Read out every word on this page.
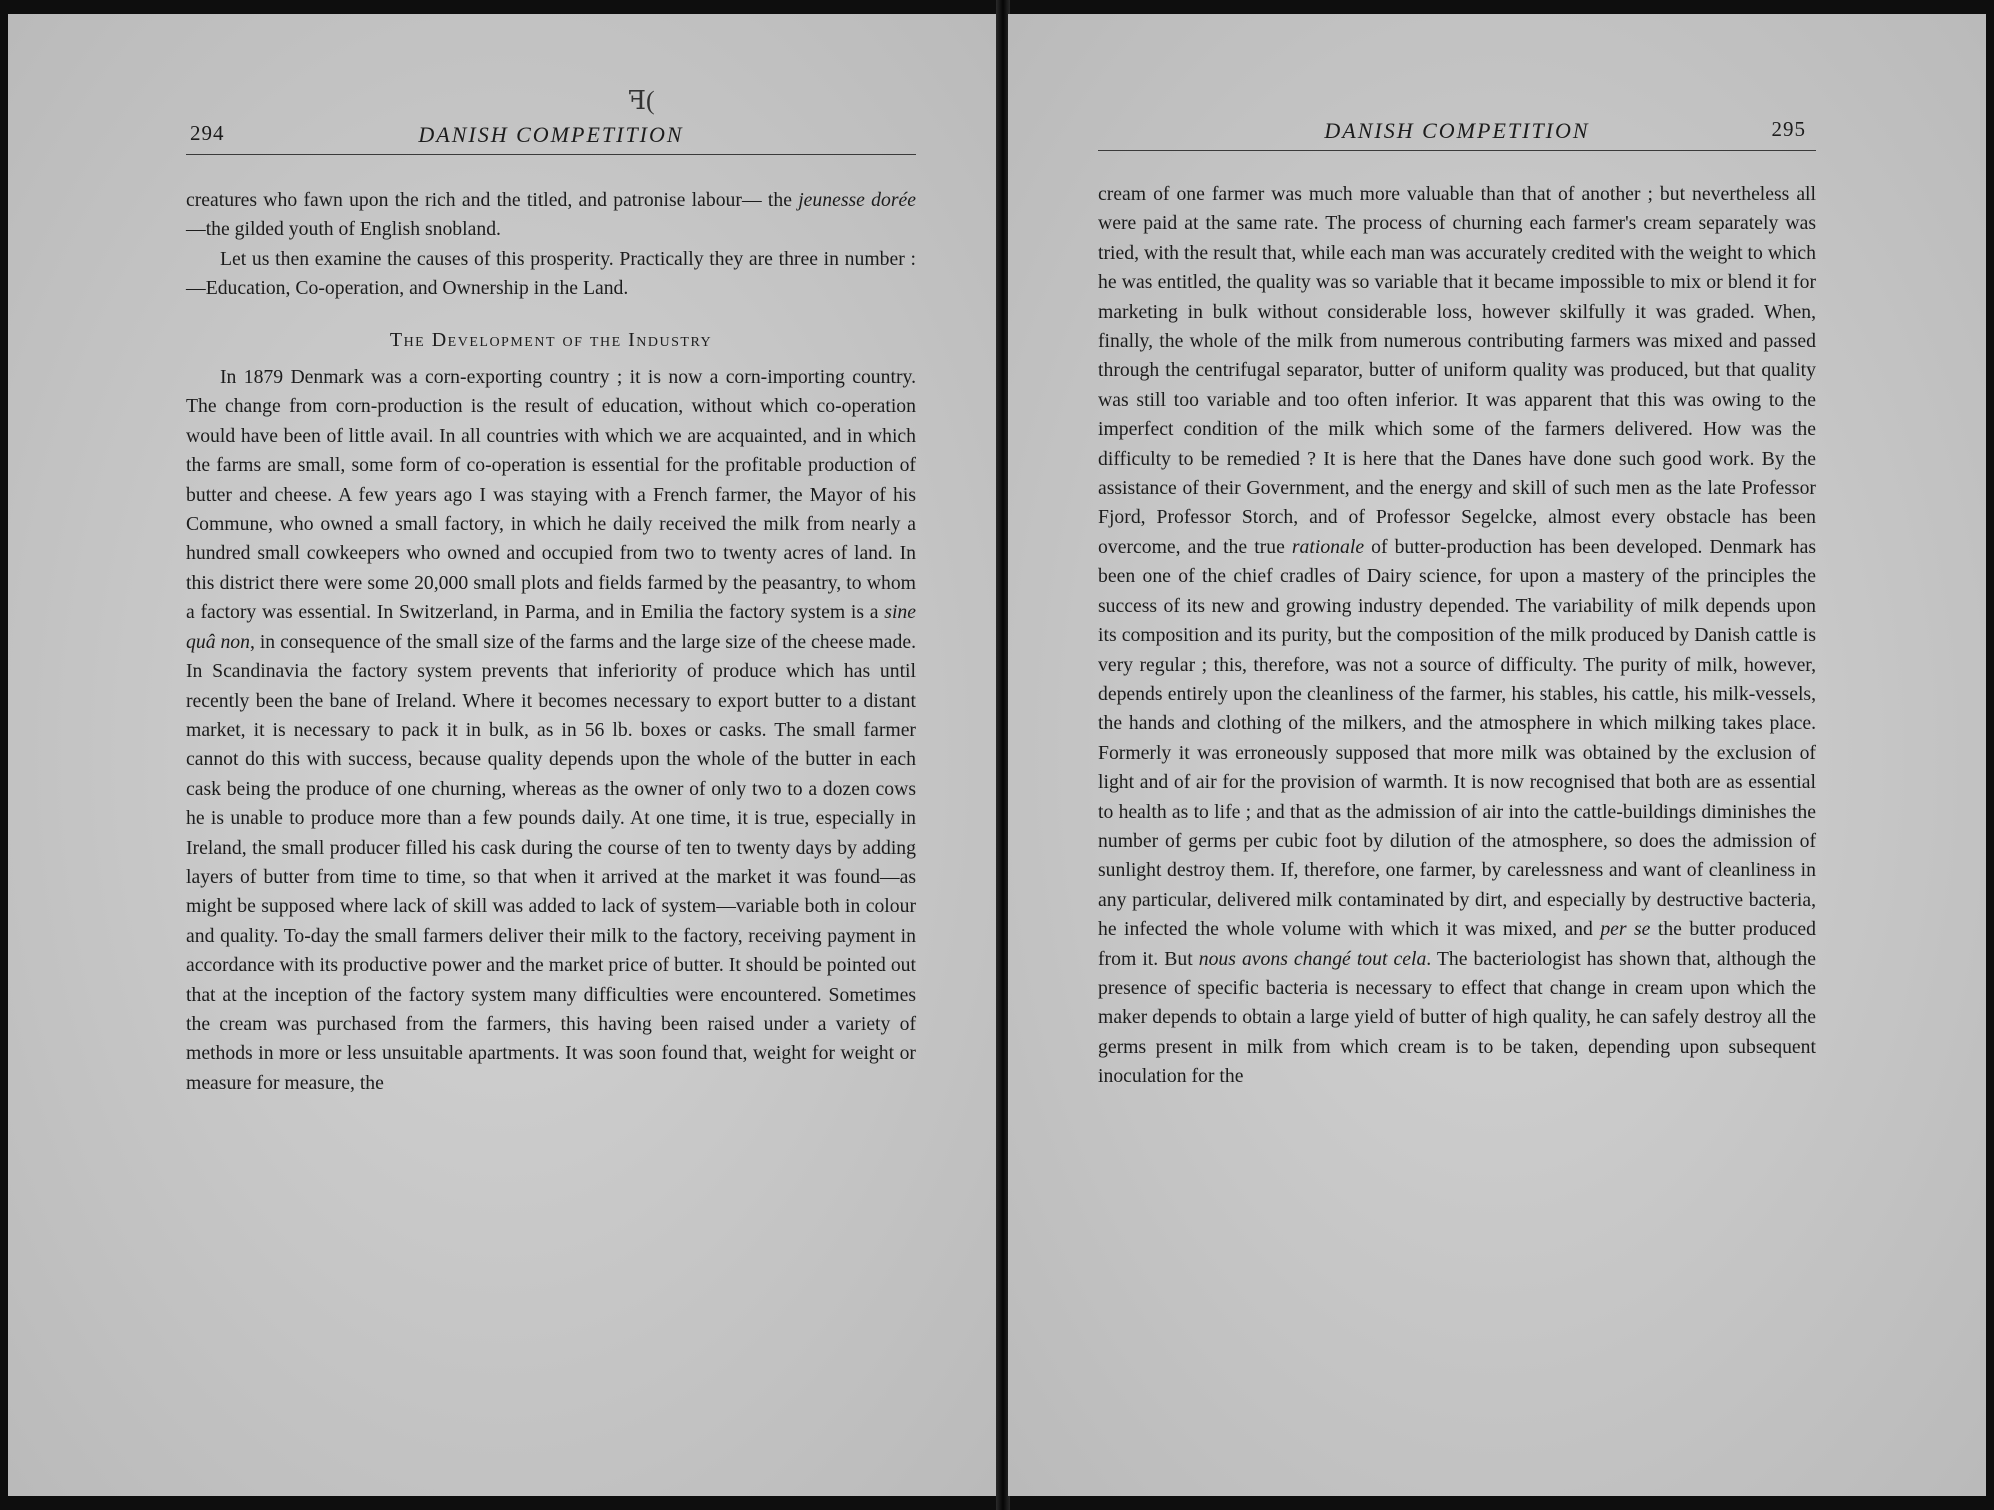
294	DANISH COMPETITION
ꟻ(

creatures who fawn upon the rich and the titled, and patronise labour— the jeunesse dorée—the gilded youth of English snobland.

Let us then examine the causes of this prosperity. Practically they are three in number :—Education, Co-operation, and Ownership in the Land.

The Development of the Industry

In 1879 Denmark was a corn-exporting country ; it is now a corn-importing country. The change from corn-production is the result of education, without which co-operation would have been of little avail. In all countries with which we are acquainted, and in which the farms are small, some form of co-operation is essential for the profitable production of butter and cheese. A few years ago I was staying with a French farmer, the Mayor of his Commune, who owned a small factory, in which he daily received the milk from nearly a hundred small cowkeepers who owned and occupied from two to twenty acres of land. In this district there were some 20,000 small plots and fields farmed by the peasantry, to whom a factory was essential. In Switzerland, in Parma, and in Emilia the factory system is a sine quâ non, in consequence of the small size of the farms and the large size of the cheese made. In Scandinavia the factory system prevents that inferiority of produce which has until recently been the bane of Ireland. Where it becomes necessary to export butter to a distant market, it is necessary to pack it in bulk, as in 56 lb. boxes or casks. The small farmer cannot do this with success, because quality depends upon the whole of the butter in each cask being the produce of one churning, whereas as the owner of only two to a dozen cows he is unable to produce more than a few pounds daily. At one time, it is true, especially in Ireland, the small producer filled his cask during the course of ten to twenty days by adding layers of butter from time to time, so that when it arrived at the market it was found—as might be supposed where lack of skill was added to lack of system—variable both in colour and quality. To-day the small farmers deliver their milk to the factory, receiving payment in accordance with its productive power and the market price of butter. It should be pointed out that at the inception of the factory system many difficulties were encountered. Sometimes the cream was purchased from the farmers, this having been raised under a variety of methods in more or less unsuitable apartments. It was soon found that, weight for weight or measure for measure, the

DANISH COMPETITION	295

cream of one farmer was much more valuable than that of another ; but nevertheless all were paid at the same rate. The process of churning each farmer's cream separately was tried, with the result that, while each man was accurately credited with the weight to which he was entitled, the quality was so variable that it became impossible to mix or blend it for marketing in bulk without considerable loss, however skilfully it was graded. When, finally, the whole of the milk from numerous contributing farmers was mixed and passed through the centrifugal separator, butter of uniform quality was produced, but that quality was still too variable and too often inferior. It was apparent that this was owing to the imperfect condition of the milk which some of the farmers delivered. How was the difficulty to be remedied ? It is here that the Danes have done such good work. By the assistance of their Government, and the energy and skill of such men as the late Professor Fjord, Professor Storch, and of Professor Segelcke, almost every obstacle has been overcome, and the true rationale of butter-production has been developed. Denmark has been one of the chief cradles of Dairy science, for upon a mastery of the principles the success of its new and growing industry depended. The variability of milk depends upon its composition and its purity, but the composition of the milk produced by Danish cattle is very regular ; this, therefore, was not a source of difficulty. The purity of milk, however, depends entirely upon the cleanliness of the farmer, his stables, his cattle, his milk-vessels, the hands and clothing of the milkers, and the atmosphere in which milking takes place. Formerly it was erroneously supposed that more milk was obtained by the exclusion of light and of air for the provision of warmth. It is now recognised that both are as essential to health as to life ; and that as the admission of air into the cattle-buildings diminishes the number of germs per cubic foot by dilution of the atmosphere, so does the admission of sunlight destroy them. If, therefore, one farmer, by carelessness and want of cleanliness in any particular, delivered milk contaminated by dirt, and especially by destructive bacteria, he infected the whole volume with which it was mixed, and per se the butter produced from it. But nous avons changé tout cela. The bacteriologist has shown that, although the presence of specific bacteria is necessary to effect that change in cream upon which the maker depends to obtain a large yield of butter of high quality, he can safely destroy all the germs present in milk from which cream is to be taken, depending upon subsequent inoculation for the
